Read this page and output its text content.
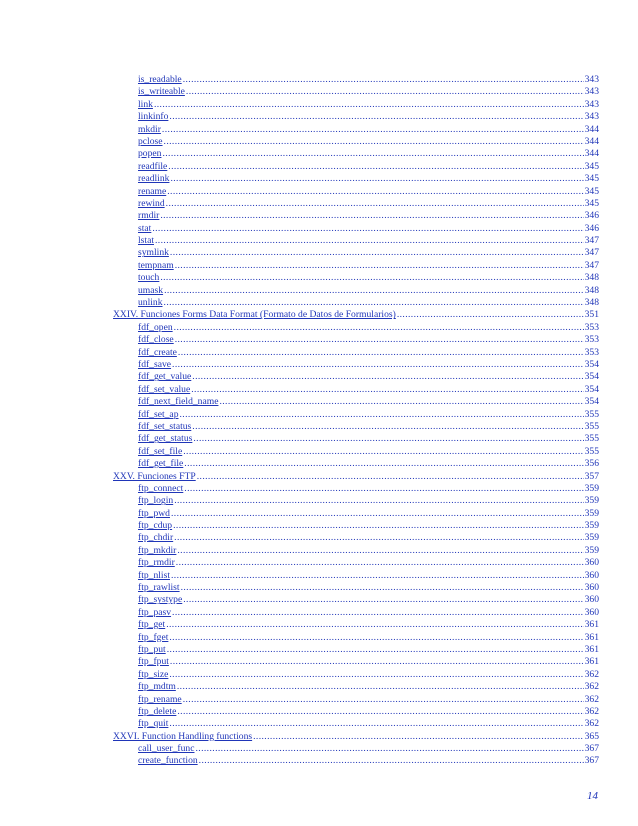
is_readable .....	343
is_writeable .....	343
link .....	343
linkinfo .....	343
mkdir .....	344
pclose .....	344
popen .....	344
readfile .....	345
readlink .....	345
rename .....	345
rewind .....	345
rmdir .....	346
stat .....	346
lstat .....	347
symlink .....	347
tempnam .....	347
touch .....	348
umask .....	348
unlink .....	348
XXIV. Funciones Forms Data Format (Formato de Datos de Formularios) .....	351
fdf_open .....	353
fdf_close .....	353
fdf_create .....	353
fdf_save .....	354
fdf_get_value .....	354
fdf_set_value .....	354
fdf_next_field_name .....	354
fdf_set_ap .....	355
fdf_set_status .....	355
fdf_get_status .....	355
fdf_set_file .....	355
fdf_get_file .....	356
XXV. Funciones FTP .....	357
ftp_connect .....	359
ftp_login .....	359
ftp_pwd .....	359
ftp_cdup .....	359
ftp_chdir .....	359
ftp_mkdir .....	359
ftp_rmdir .....	360
ftp_nlist .....	360
ftp_rawlist .....	360
ftp_systype .....	360
ftp_pasv .....	360
ftp_get .....	361
ftp_fget .....	361
ftp_put .....	361
ftp_fput .....	361
ftp_size .....	362
ftp_mdtm .....	362
ftp_rename .....	362
ftp_delete .....	362
ftp_quit .....	362
XXVI. Function Handling functions .....	365
call_user_func .....	367
create_function .....	367
14
